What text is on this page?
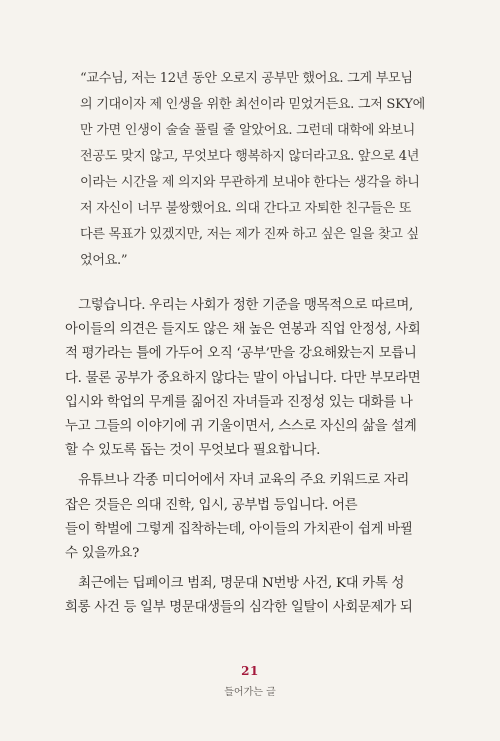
“교수님, 저는 12년 동안 오로지 공부만 했어요. 그게 부모님
의 기대이자 제 인생을 위한 최선이라 믿었거든요. 그저 SKY에
만 가면 인생이 술술 풀릴 줄 알았어요. 그런데 대학에 와보니
전공도 맞지 않고, 무엇보다 행복하지 않더라고요. 앞으로 4년
이라는 시간을 제 의지와 무관하게 보내야 한다는 생각을 하니
저 자신이 너무 불쌍했어요. 의대 간다고 자퇴한 친구들은 또
다른 목표가 있겠지만, 저는 제가 진짜 하고 싶은 일을 찾고 싶
었어요.”
　그렇습니다. 우리는 사회가 정한 기준을 맹목적으로 따르며,
아이들의 의견은 들지도 않은 채 높은 연봉과 직업 안정성, 사회
적 평가라는 틀에 가두어 오직 ‘공부’만을 강요해왔는지 모릅니
다. 물론 공부가 중요하지 않다는 말이 아닙니다. 다만 부모라면
입시와 학업의 무게를 짊어진 자녀들과 진정성 있는 대화를 나
누고 그들의 이야기에 귀 기울이면서, 스스로 자신의 삶을 설계
할 수 있도록 돕는 것이 무엇보다 필요합니다.
　유튜브나 각종 미디어에서 자녀 교육의 주요 키워드로 자리
잡은 것들은 의대 진학, 입시, 공부법 등입니다. 어른
들이 학벌에 그렇게 집착하는데, 아이들의 가치관이 쉽게 바뀔
수 있을까요?
　최근에는 딥페이크 범죄, 명문대 N번방 사건, K대 카톡 성
희롱 사건 등 일부 명문대생들의 심각한 일탈이 사회문제가 되
21
들어가는 글
